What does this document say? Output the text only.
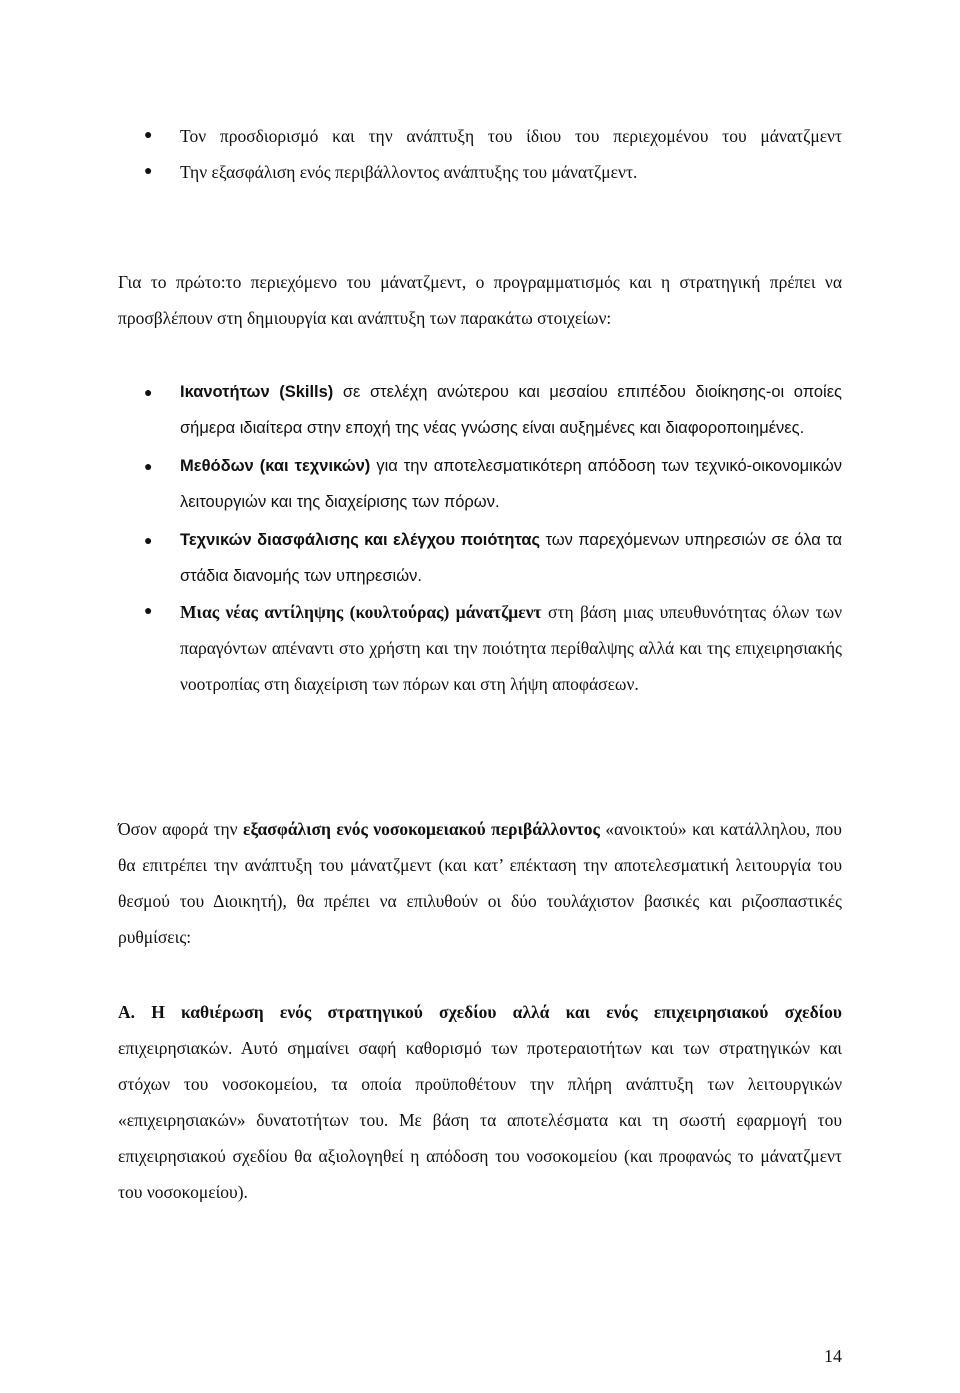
● Τον προσδιορισμό και την ανάπτυξη του ίδιου του περιεχομένου του μάνατζμεντ
● Την εξασφάλιση ενός περιβάλλοντος ανάπτυξης του μάνατζμεντ.

Για το πρώτο:το περιεχόμενο του μάνατζμεντ, ο προγραμματισμός και η στρατηγική πρέπει να προσβλέπουν στη δημιουργία και ανάπτυξη των παρακάτω στοιχείων:

● Ικανοτήτων (Skills) σε στελέχη ανώτερου και μεσαίου επιπέδου διοίκησης-οι οποίες σήμερα ιδιαίτερα στην εποχή της νέας γνώσης είναι αυξημένες και διαφοροποιημένες.
● Μεθόδων (και τεχνικών) για την αποτελεσματικότερη απόδοση των τεχνικό-οικονομικών λειτουργιών και της διαχείρισης των πόρων.
● Τεχνικών διασφάλισης και ελέγχου ποιότητας των παρεχόμενων υπηρεσιών σε όλα τα στάδια διανομής των υπηρεσιών.
● Μιας νέας αντίληψης (κουλτούρας) μάνατζμεντ στη βάση μιας υπευθυνότητας όλων των παραγόντων απέναντι στο χρήστη και την ποιότητα περίθαλψης αλλά και της επιχειρησιακής νοοτροπίας στη διαχείριση των πόρων και στη λήψη αποφάσεων.

Όσον αφορά την εξασφάλιση ενός νοσοκομειακού περιβάλλοντος «ανοικτού» και κατάλληλου, που θα επιτρέπει την ανάπτυξη του μάνατζμεντ (και κατ’ επέκταση την αποτελεσματική λειτουργία του θεσμού του Διοικητή), θα πρέπει να επιλυθούν οι δύο τουλάχιστον βασικές και ριζοσπαστικές ρυθμίσεις:

Α. Η καθιέρωση ενός στρατηγικού σχεδίου αλλά και ενός επιχειρησιακού σχεδίου επιχειρησιακών. Αυτό σημαίνει σαφή καθορισμό των προτεραιοτήτων και των στρατηγικών και στόχων του νοσοκομείου, τα οποία προϋποθέτουν την πλήρη ανάπτυξη των λειτουργικών «επιχειρησιακών» δυνατοτήτων του. Με βάση τα αποτελέσματα και τη σωστή εφαρμογή του επιχειρησιακού σχεδίου θα αξιολογηθεί η απόδοση του νοσοκομείου (και προφανώς το μάνατζμεντ του νοσοκομείου).

14
